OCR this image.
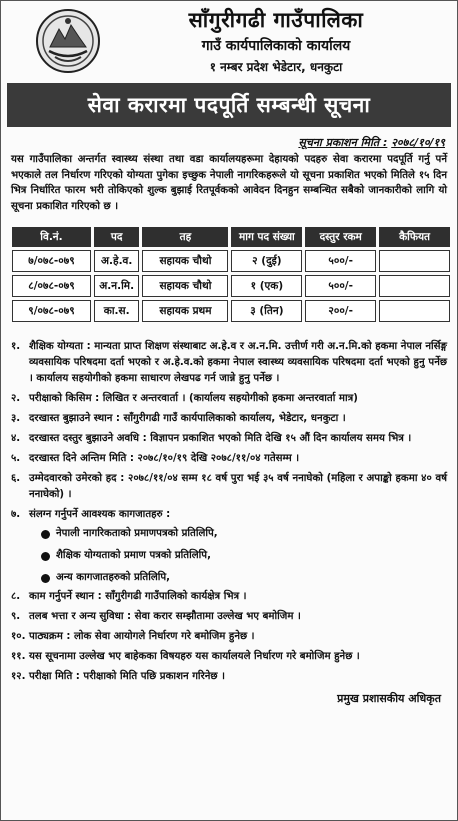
साँगुरीगढी गाउँपालिका
गाउँ कार्यपालिकाको कार्यालय
१ नम्बर प्रदेश भेडेटार, धनकुटा
सेवा करारमा पदपूर्ति सम्बन्धी सूचना
सूचना प्रकाशन मिति : २०७८/१०/१९
यस गाउँपालिका अन्तर्गत स्वास्थ्य संस्था तथा वडा कार्यालयहरूमा देहायको पदहरु सेवा करारमा पदपूर्ति गर्नु पर्ने भएकाले तल निर्धारण गरिएको योग्यता पुगेका इच्छुक नेपाली नागरिकहरूले यो सूचना प्रकाशित भएको मितिले १५ दिन भित्र निर्धारित फारम भरी तोकिएको शुल्क बुझाई रितपूर्वकको आवेदन दिनहुन सम्बन्धित सबैको जानकारीको लागि यो सूचना प्रकाशित गरिएको छ ।
वि.नं.	पद	तह	माग पद संख्या	दस्तुर रकम	कैफियत
७/०७८-०७९	अ.हे.व.	सहायक चौथो	२ (दुई)	५००/-	
८/०७८-०७९	अ.न.मि.	सहायक चौथो	१ (एक)	५००/-	
९/०७८-०७९	का.स.	सहायक प्रथम	३ (तिन)	२००/-	
१. शैक्षिक योग्यता : मान्यता प्राप्त शिक्षण संस्थाबाट अ.हे.व र अ.न.मि. उत्तीर्ण गरी अ.न.मि.को हकमा नेपाल नर्सिङ्ग व्यवसायिक परिषदमा दर्ता भएको र अ.हे.व.को हकमा नेपाल स्वास्थ्य व्यवसायिक परिषदमा दर्ता भएको हुनु पर्नेछ । कार्यालय सहयोगीको हकमा साधारण लेखपढ गर्न जान्ने हुनु पर्नेछ ।
२. परीक्षाको किसिम : लिखित र अन्तरवार्ता । (कार्यालय सहयोगीको हकमा अन्तरवार्ता मात्र)
३. दरखास्त बुझाउने स्थान : साँगुरीगढी गाउँ कार्यपालिकाको कार्यालय, भेडेटार, धनकुटा ।
४. दरखास्त दस्तुर बुझाउने अवधि : विज्ञापन प्रकाशित भएको मिति देखि १५ औं दिन कार्यालय समय भित्र ।
५. दरखास्त दिने अन्तिम मिति : २०७८/१०/१९ देखि २०७८/११/०४ गतेसम्म ।
६. उम्मेदवारको उमेरको हद : २०७८/११/०४ सम्म १८ वर्ष पुरा भई ३५ वर्ष ननाघेको (महिला र अपाङ्को हकमा ४० वर्ष ननाघेको) ।
७. संलग्न गर्नुपर्ने आवश्यक कागजातहरु :
नेपाली नागरिकताको प्रमाणपत्रको प्रतिलिपि,
शैक्षिक योग्यताको प्रमाण पत्रको प्रतिलिपि,
अन्य कागजातहरुको प्रतिलिपि,
८. काम गर्नुपर्ने स्थान : साँगुरीगढी गाउँपालिको कार्यक्षेत्र भित्र ।
९. तलब भत्ता र अन्य सुविधा : सेवा करार सम्झौतामा उल्लेख भए बमोजिम ।
१०. पाठ्यक्रम : लोक सेवा आयोगले निर्धारण गरे बमोजिम हुनेछ ।
११. यस सूचनामा उल्लेख भए बाहेकका विषयहरु यस कार्यालयले निर्धारण गरे बमोजिम हुनेछ ।
१२. परीक्षा मिति : परीक्षाको मिति पछि प्रकाशन गरिनेछ ।
प्रमुख प्रशासकीय अधिकृत
